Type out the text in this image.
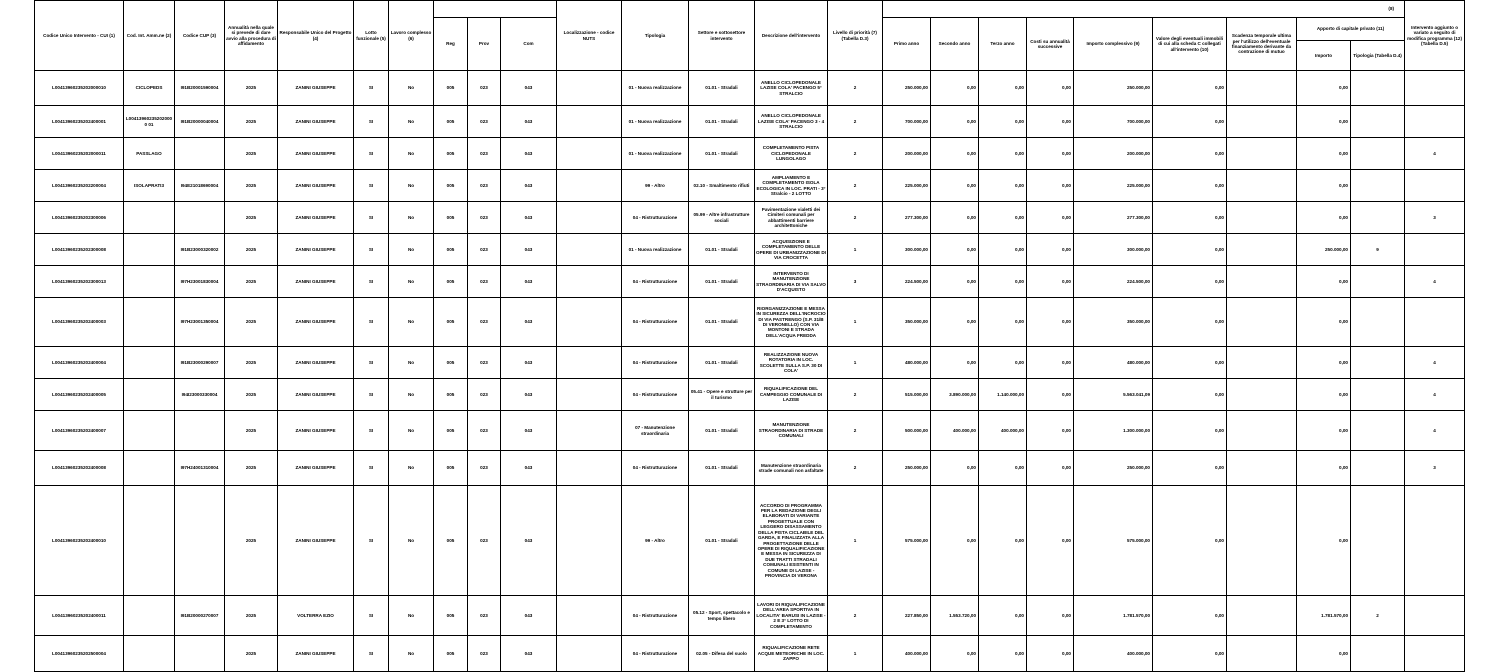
Codice Unico Intervento - CUI (1)	Cod. Int. Amm.ne (2)	Codice CUP (3)	Annualità nella quale si prevede di dare avvio alla procedura di affidamento	Responsabile Unico del Progetto (4)	Lotto funzionale (5)	Lavoro complesso (6)				Localizzazione - codice NUTS	Tipologia	Settore e sottosettore intervento	Descrizione dell'intervento	Livello di priorità (7) (Tabella D.3)	(8)									Intervento aggiunto o variato a seguito di modifica programma (12) (Tabella D.5)
							Reg	Prov	Com						Primo anno	Secondo anno	Terzo anno	Costi su annualità successive	Importo complessivo (9)	Valore degli eventuali immobili di cui alla scheda C collegati all'intervento (10)	Scadenza temporale ultima per l'utilizzo dell'eventuale finanziamento derivante da contrazione di mutuo	Apporto di capitale privato (11)
Importo Tipologia (Tabella D.4)		

L00413960235202000010	CICLOPEDS	I91B20001590004	2025	ZANINI GIUSEPPE	SI	No	005	023	043		01 - Nuova realizzazione	01.01 - Stradali	ANELLO CICLOPEDONALE LAZISE COLA' PACENGO 5° STRALCIO	2	250.000,00	0,00	0,00	0,00	250.000,00	0,00		0,00		
L00413960235202400001	L004139602352020000 01	I91B20000040004	2025	ZANINI GIUSEPPE	SI	No	005	023	043		01 - Nuova realizzazione	01.01 - Stradali	ANELLO CICLOPEDONALE LAZISE COLA' PACENGO 3 - 4 STRALCIO	2	700.000,00	0,00	0,00	0,00	700.000,00	0,00		0,00		
L00413960235202000011	PASSLAGO		2025	ZANINI GIUSEPPE	SI	No	005	023	043		01 - Nuova realizzazione	01.01 - Stradali	COMPLETAMENTO PISTA CICLOPEDONALE LUNGOLAGO	2	200.000,00	0,00	0,00	0,00	200.000,00	0,00		0,00		4
L00413960235202200004	ISOLAPRATI3	I94E21018690004	2025	ZANINI GIUSEPPE	SI	No	005	023	043		99 - Altro	02.10 - Smaltimento rifiuti	AMPLIAMENTO E COMPLETAMENTO ISOLA ECOLOGICA IN LOC. PRATI - 3° Stralcio - 2 LOTTO	2	225.000,00	0,00	0,00	0,00	225.000,00	0,00		0,00		
L00413960235202300006			2025	ZANINI GIUSEPPE	SI	No	005	023	043		04 - Ristrutturazione	05.99 - Altre infrastrutture sociali	Pavimentazione vialetti dei Cimiteri comunali per abbattimenti barriere architettoniche	2	277.300,00	0,00	0,00	0,00	277.300,00	0,00		0,00		3
L00413960235202300008		I91B23000320002	2025	ZANINI GIUSEPPE	SI	No	005	023	043		01 - Nuova realizzazione	01.01 - Stradali	ACQUISIZIONE E COMPLETAMENTO DELLE OPERE DI URBANIZZAZIONE DI VIA CROCETTA	1	300.000,00	0,00	0,00	0,00	300.000,00	0,00		250.000,00	9	
L00413960235202300013		I97H23001830004	2025	ZANINI GIUSEPPE	SI	No	005	023	043		04 - Ristrutturazione	01.01 - Stradali	INTERVENTO DI MANUTENZIONE STRAORDINARIA DI VIA SALVO D'ACQUISTO	3	224.500,00	0,00	0,00	0,00	224.500,00	0,00		0,00		4
L00413960235202400003		I97H23001350004	2025	ZANINI GIUSEPPE	SI	No	005	023	043		04 - Ristrutturazione	01.01 - Stradali	RIORGANIZZAZIONE E MESSA IN SICUREZZA DELL'INCROCIO DI VIA PASTRENGO (S.P. 31/B DI VERONELLO) CON VIA MONTONI E STRADA DELL'ACQUA FREDDA	1	350.000,00	0,00	0,00	0,00	350.000,00	0,00		0,00		
L00413960235202400004		I91B23000290007	2025	ZANINI GIUSEPPE	SI	No	005	023	043		04 - Ristrutturazione	01.01 - Stradali	REALIZZAZIONE NUOVA ROTATORIA IN LOC. SCOLETTE SULLA S.P. 30 DI COLA'	1	480.000,00	0,00	0,00	0,00	480.000,00	0,00		0,00		4
L00413960235202400005		I94I23000330004	2025	ZANINI GIUSEPPE	SI	No	005	023	043		04 - Ristrutturazione	05.41 - Opere e strutture per il turismo	RIQUALIFICAZIONE DEL CAMPEGGIO COMUNALE DI LAZISE	2	515.000,00	3.890.000,00	1.140.000,00	0,00	5.563.041,09	0,00		0,00		4
L00413960235202400007			2025	ZANINI GIUSEPPE	SI	No	005	023	043		07 - Manutenzione straordinaria	01.01 - Stradali	MANUTENZIONE STRAORDINARIA DI STRADE COMUNALI	2	500.000,00	400.000,00	400.000,00	0,00	1.300.000,00	0,00		0,00		4
L00413960235202400008		I97H24001310004	2025	ZANINI GIUSEPPE	SI	No	005	023	043		04 - Ristrutturazione	01.01 - Stradali	Manutenzione straordinaria strade comunali non asfaltate	2	250.000,00	0,00	0,00	0,00	250.000,00	0,00		0,00		3
L00413960235202400010			2025	ZANINI GIUSEPPE	SI	No	005	023	043		99 - Altro	01.01 - Stradali	ACCORDO DI PROGRAMMA PER LA REDAZIONE DEGLI ELABORATI DI VARIANTE PROGETTUALE CON LEGGERO DISASSAMENTO DELLA PISTA CICLABILE DEL GARDA, E FINALIZZATA ALLA PROGETTAZIONE DELLE OPERE DI RIQUALIFICAZIONE E MESSA IN SICUREZZA DI DUE TRATTI STRADALI COMUNALI ESISTENTI IN COMUNE DI LAZISE - PROVINCIA DI VERONA	1	575.000,00	0,00	0,00	0,00	575.000,00	0,00		0,00		
L00413960235202400011		I91B20000270007	2025	VOLTERRA EZIO	SI	No	005	023	043		04 - Ristrutturazione	05.12 - Sport, spettacolo e tempo libero	LAVORI DI RIQUALIFICAZIONE DELL'AREA SPORTIVA IN LOCALITA' BARUSI IN LAZISE - 2 E 3° LOTTO DI COMPLETAMENTO	2	227.850,00	1.553.720,00	0,00	0,00	1.781.570,00	0,00		1.781.570,00	2	
L00413960235202500004			2025	ZANINI GIUSEPPE	SI	No	005	023	043		04 - Ristrutturazione	02.05 - Difesa del suolo	RIQUALIFICAZIONE RETE ACQUE METEORICHE IN LOC. ZAPPO	1	400.000,00	0,00	0,00	0,00	400.000,00	0,00		0,00		
